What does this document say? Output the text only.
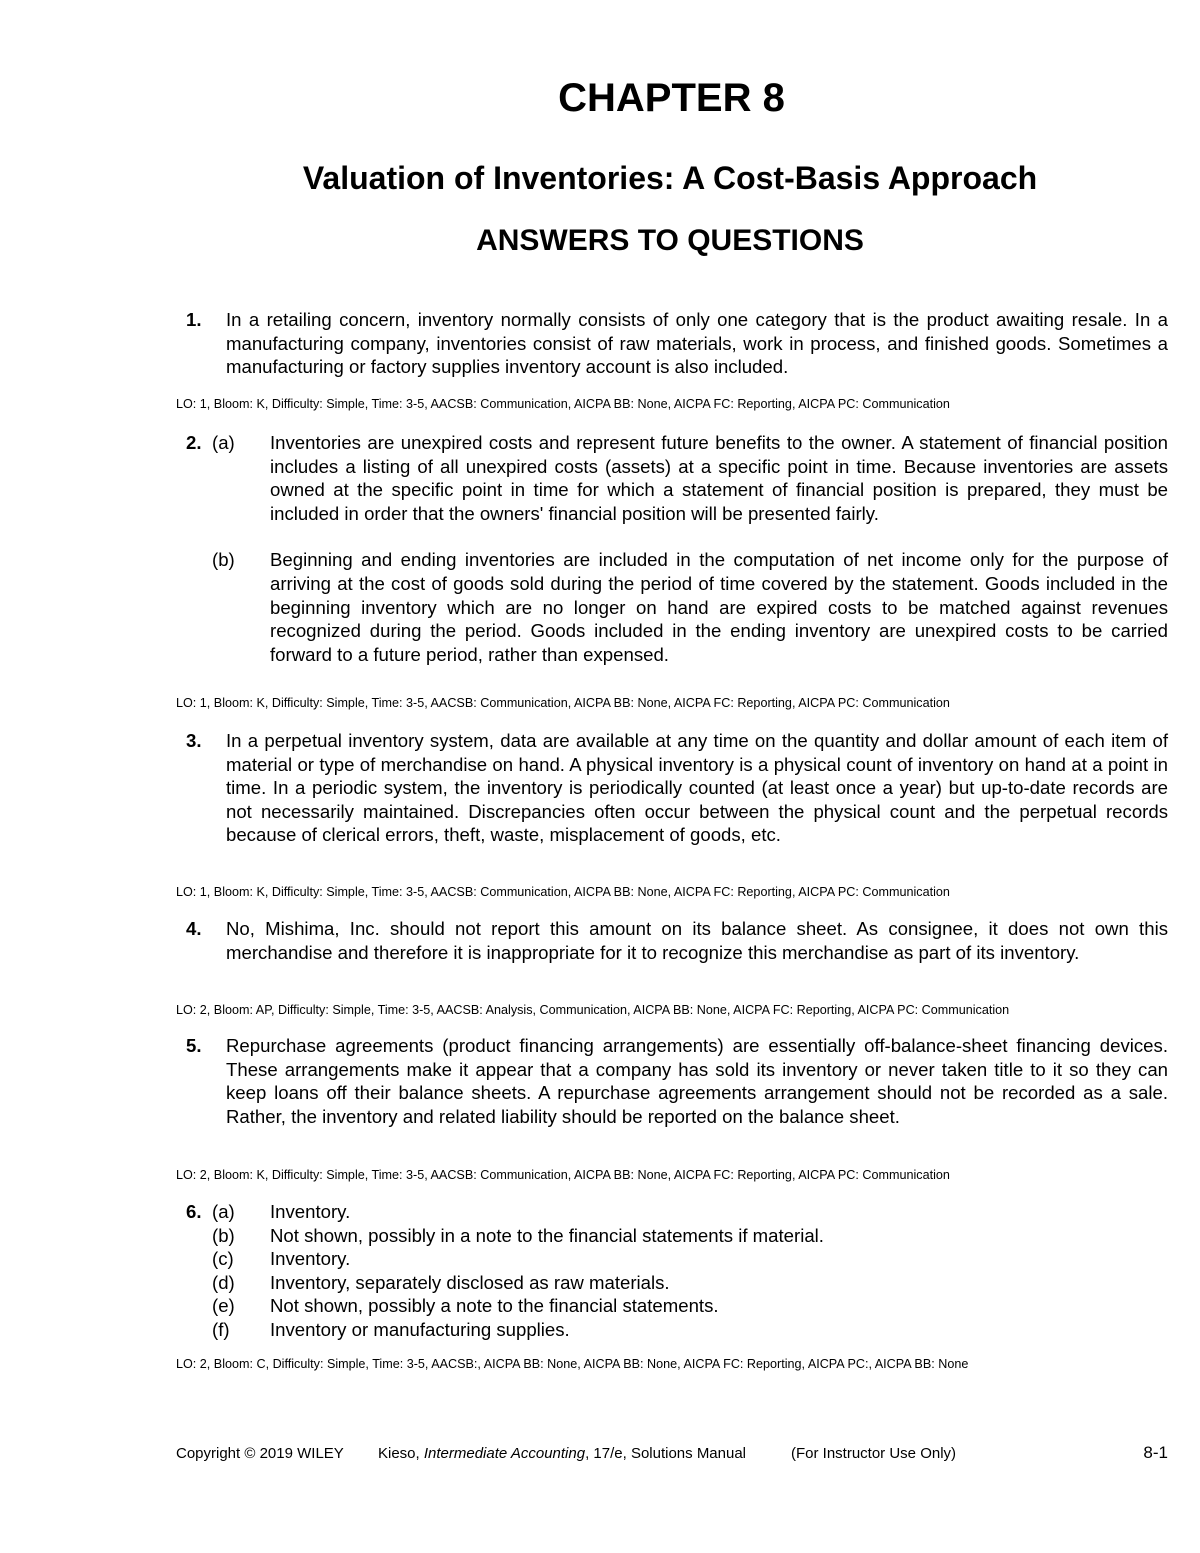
CHAPTER 8
Valuation of Inventories: A Cost-Basis Approach
ANSWERS TO QUESTIONS
1.	In a retailing concern, inventory normally consists of only one category that is the product awaiting resale. In a manufacturing company, inventories consist of raw materials, work in process, and finished goods. Sometimes a manufacturing or factory supplies inventory account is also included.
LO: 1, Bloom: K, Difficulty: Simple, Time: 3-5, AACSB: Communication, AICPA BB: None, AICPA FC: Reporting, AICPA PC: Communication
2. (a) Inventories are unexpired costs and represent future benefits to the owner. A statement of financial position includes a listing of all unexpired costs (assets) at a specific point in time. Because inventories are assets owned at the specific point in time for which a statement of financial position is prepared, they must be included in order that the owners' financial position will be presented fairly.
(b) Beginning and ending inventories are included in the computation of net income only for the purpose of arriving at the cost of goods sold during the period of time covered by the statement. Goods included in the beginning inventory which are no longer on hand are expired costs to be matched against revenues recognized during the period. Goods included in the ending inventory are unexpired costs to be carried forward to a future period, rather than expensed.
LO: 1, Bloom: K, Difficulty: Simple, Time: 3-5, AACSB: Communication, AICPA BB: None, AICPA FC: Reporting, AICPA PC: Communication
3.	In a perpetual inventory system, data are available at any time on the quantity and dollar amount of each item of material or type of merchandise on hand. A physical inventory is a physical count of inventory on hand at a point in time. In a periodic system, the inventory is periodically counted (at least once a year) but up-to-date records are not necessarily maintained. Discrepancies often occur between the physical count and the perpetual records because of clerical errors, theft, waste, misplacement of goods, etc.
LO: 1, Bloom: K, Difficulty: Simple, Time: 3-5, AACSB: Communication, AICPA BB: None, AICPA FC: Reporting, AICPA PC: Communication
4.	No, Mishima, Inc. should not report this amount on its balance sheet. As consignee, it does not own this merchandise and therefore it is inappropriate for it to recognize this merchandise as part of its inventory.
LO: 2, Bloom: AP, Difficulty: Simple, Time: 3-5, AACSB: Analysis, Communication, AICPA BB: None, AICPA FC: Reporting, AICPA PC: Communication
5.	Repurchase agreements (product financing arrangements) are essentially off-balance-sheet financing devices. These arrangements make it appear that a company has sold its inventory or never taken title to it so they can keep loans off their balance sheets. A repurchase agreements arrangement should not be recorded as a sale. Rather, the inventory and related liability should be reported on the balance sheet.
LO: 2, Bloom: K, Difficulty: Simple, Time: 3-5, AACSB: Communication, AICPA BB: None, AICPA FC: Reporting, AICPA PC: Communication
6. (a) Inventory.
(b) Not shown, possibly in a note to the financial statements if material.
(c) Inventory.
(d) Inventory, separately disclosed as raw materials.
(e) Not shown, possibly a note to the financial statements.
(f) Inventory or manufacturing supplies.
LO: 2, Bloom: C, Difficulty: Simple, Time: 3-5, AACSB:, AICPA BB: None, AICPA BB: None, AICPA FC: Reporting, AICPA PC:, AICPA BB: None
Copyright © 2019 WILEY Kieso, Intermediate Accounting, 17/e, Solutions Manual	(For Instructor Use Only)	8-1
